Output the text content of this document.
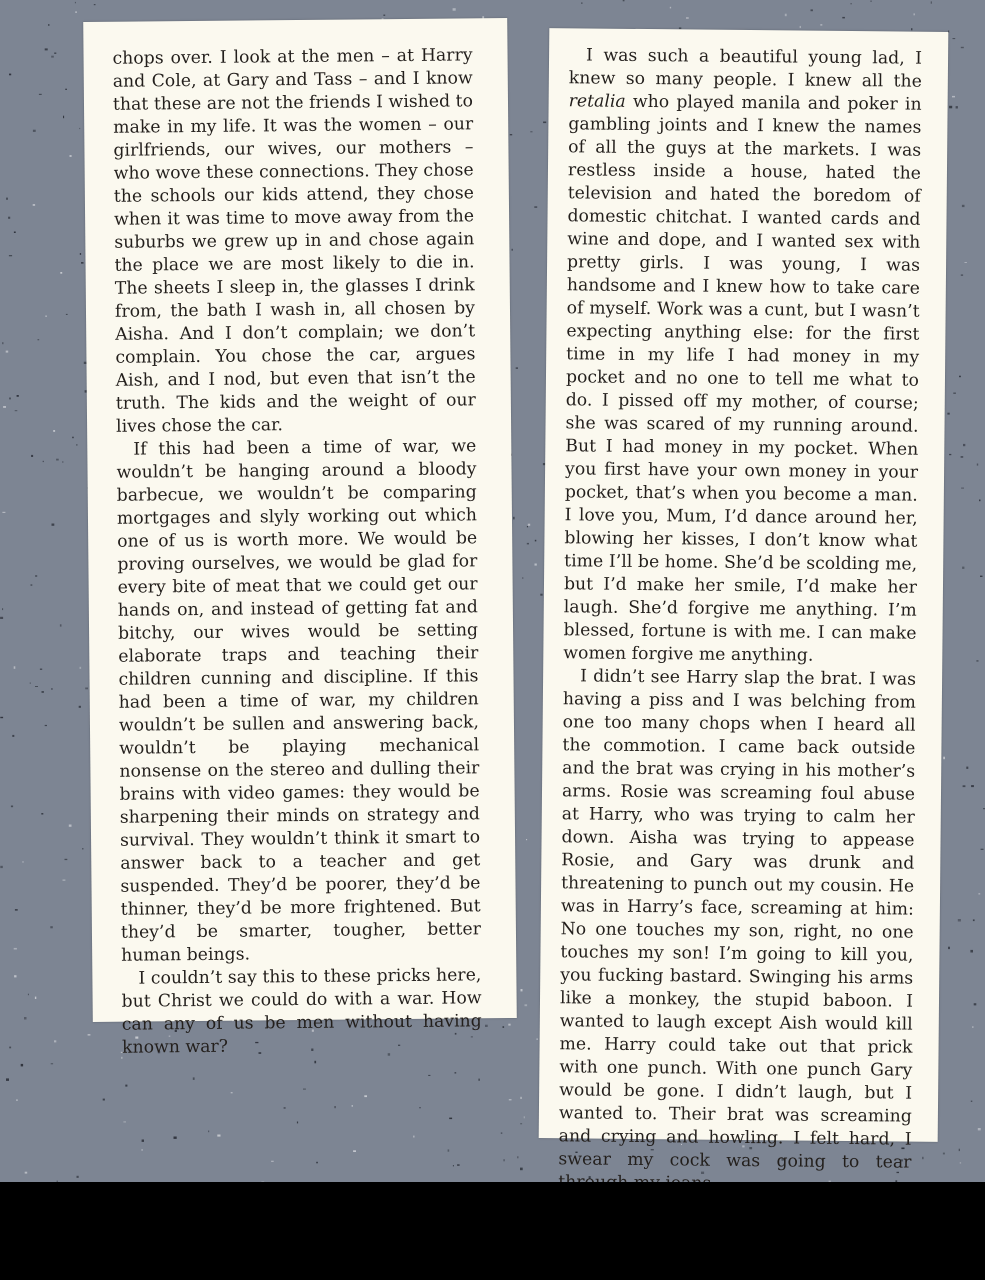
chops over. I look at the men – at Harry and Cole, at Gary and Tass – and I know that these are not the friends I wished to make in my life. It was the women – our girlfriends, our wives, our mothers – who wove these connections. They chose the schools our kids attend, they chose when it was time to move away from the suburbs we grew up in and chose again the place we are most likely to die in. The sheets I sleep in, the glasses I drink from, the bath I wash in, all chosen by Aisha. And I don’t complain; we don’t complain. You chose the car, argues Aish, and I nod, but even that isn’t the truth. The kids and the weight of our lives chose the car.

If this had been a time of war, we wouldn’t be hanging around a bloody barbecue, we wouldn’t be comparing mortgages and slyly working out which one of us is worth more. We would be proving ourselves, we would be glad for every bite of meat that we could get our hands on, and instead of getting fat and bitchy, our wives would be setting elaborate traps and teaching their children cunning and discipline. If this had been a time of war, my children wouldn’t be sullen and answering back, wouldn’t be playing mechanical nonsense on the stereo and dulling their brains with video games: they would be sharpening their minds on strategy and survival. They wouldn’t think it smart to answer back to a teacher and get suspended. They’d be poorer, they’d be thinner, they’d be more frightened. But they’d be smarter, tougher, better human beings.

I couldn’t say this to these pricks here, but Christ we could do with a war. How can any of us be men without having known war?

I was such a beautiful young lad, I knew so many people. I knew all the retalia who played manila and poker in gambling joints and I knew the names of all the guys at the markets. I was restless inside a house, hated the television and hated the boredom of domestic chitchat. I wanted cards and wine and dope, and I wanted sex with pretty girls. I was young, I was handsome and I knew how to take care of myself. Work was a cunt, but I wasn’t expecting anything else: for the first time in my life I had money in my pocket and no one to tell me what to do. I pissed off my mother, of course; she was scared of my running around. But I had money in my pocket. When you first have your own money in your pocket, that’s when you become a man. I love you, Mum, I’d dance around her, blowing her kisses, I don’t know what time I’ll be home. She’d be scolding me, but I’d make her smile, I’d make her laugh. She’d forgive me anything. I’m blessed, fortune is with me. I can make women forgive me anything.

I didn’t see Harry slap the brat. I was having a piss and I was belching from one too many chops when I heard all the commotion. I came back outside and the brat was crying in his mother’s arms. Rosie was screaming foul abuse at Harry, who was trying to calm her down. Aisha was trying to appease Rosie, and Gary was drunk and threatening to punch out my cousin. He was in Harry’s face, screaming at him: No one touches my son, right, no one touches my son! I’m going to kill you, you fucking bastard. Swinging his arms like a monkey, the stupid baboon. I wanted to laugh except Aish would kill me. Harry could take out that prick with one punch. With one punch Gary would be gone. I didn’t laugh, but I wanted to. Their brat was screaming and crying and howling. I felt hard, I swear my cock was going to tear
